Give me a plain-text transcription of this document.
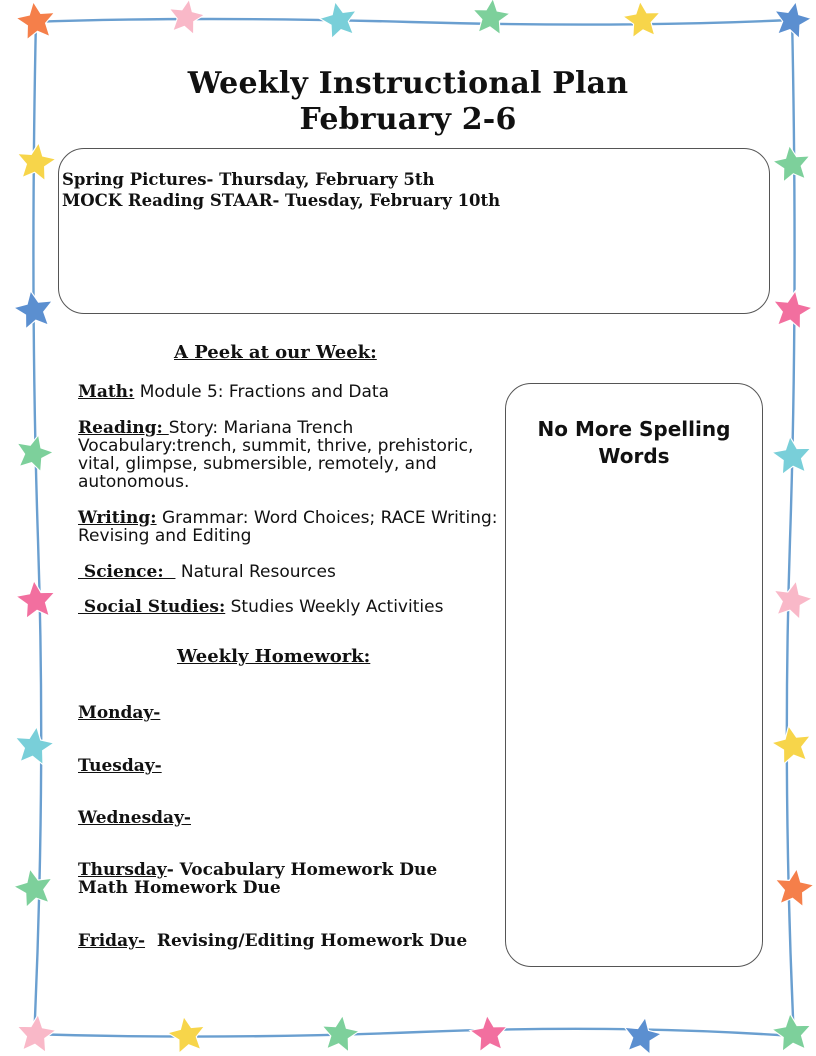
Weekly Instructional Plan
February 2-6
Spring Pictures- Thursday, February 5th
MOCK Reading STAAR- Tuesday, February 10th
A Peek at our Week:
Math: Module 5: Fractions and Data
Reading: Story: Mariana Trench Vocabulary:trench, summit, thrive, prehistoric, vital, glimpse, submersible, remotely, and autonomous.
Writing: Grammar: Word Choices; RACE Writing: Revising and Editing
Science:   Natural Resources
Social Studies: Studies Weekly Activities
Weekly Homework:
Monday-
Tuesday-
Wednesday-
Thursday- Vocabulary Homework Due
Math Homework Due
Friday-  Revising/Editing Homework Due
No More Spelling
Words
